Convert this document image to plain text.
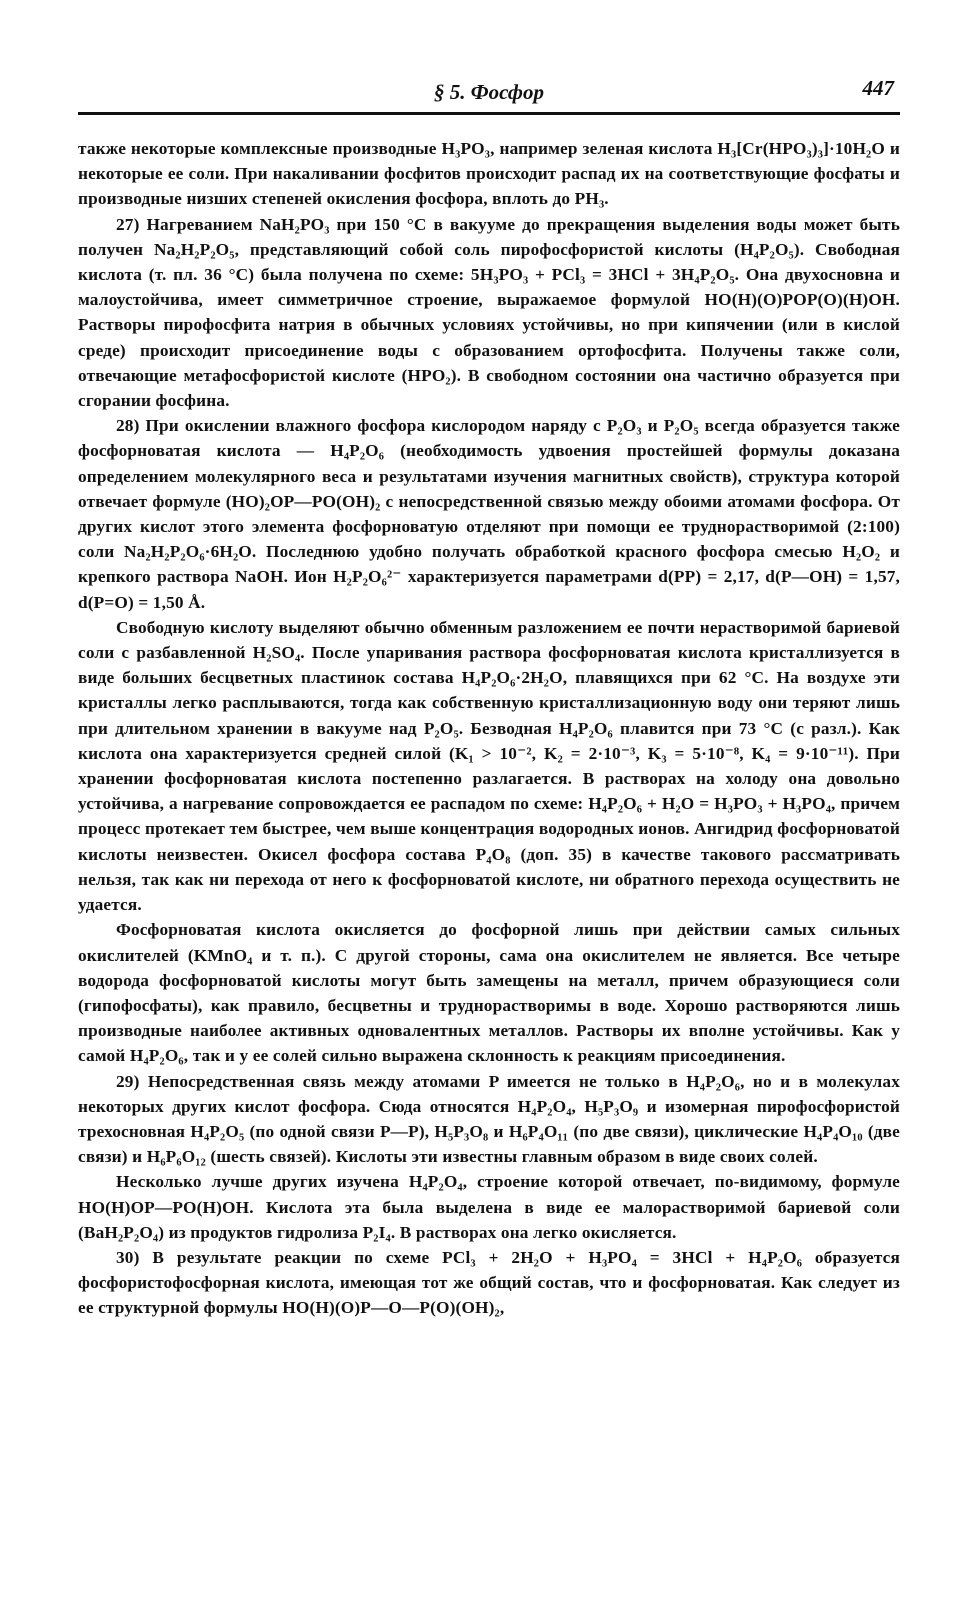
§ 5. Фосфор	447

также некоторые комплексные производные H₃PO₃, например зеленая кислота H₃[Cr(HPO₃)₃]·10H₂O и некоторые ее соли. При накаливании фосфитов происходит распад их на соответствующие фосфаты и производные низших степеней окисления фосфора, вплоть до PH₃.

27) Нагреванием NaH₂PO₃ при 150 °C в вакууме до прекращения выделения воды может быть получен Na₂H₂P₂O₅, представляющий собой соль пирофосфористой кислоты (H₄P₂O₅). Свободная кислота (т. пл. 36 °C) была получена по схеме: 5H₃PO₃ + PCl₃ = 3HCl + 3H₄P₂O₅. Она двухосновна и малоустойчива, имеет симметричное строение, выражаемое формулой HO(H)(O)POP(O)(H)OH. Растворы пирофосфита натрия в обычных условиях устойчивы, но при кипячении (или в кислой среде) происходит присоединение воды с образованием ортофосфита. Получены также соли, отвечающие метафосфористой кислоте (HPO₂). В свободном состоянии она частично образуется при сгорании фосфина.

28) При окислении влажного фосфора кислородом наряду с P₂O₃ и P₂O₅ всегда образуется также фосфорноватая кислота — H₄P₂O₆ (необходимость удвоения простейшей формулы доказана определением молекулярного веса и результатами изучения магнитных свойств), структура которой отвечает формуле (HO)₂OP—PO(OH)₂ с непосредственной связью между обоими атомами фосфора. От других кислот этого элемента фосфорноватую отделяют при помощи ее труднорастворимой (2:100) соли Na₂H₂P₂O₆·6H₂O. Последнюю удобно получать обработкой красного фосфора смесью H₂O₂ и крепкого раствора NaOH. Ион H₂P₂O₆²⁻ характеризуется параметрами d(PP) = 2,17, d(P—OH) = 1,57, d(P=O) = 1,50 Å.

Свободную кислоту выделяют обычно обменным разложением ее почти нерастворимой бариевой соли с разбавленной H₂SO₄. После упаривания раствора фосфорноватая кислота кристаллизуется в виде больших бесцветных пластинок состава H₄P₂O₆·2H₂O, плавящихся при 62 °C. На воздухе эти кристаллы легко расплываются, тогда как собственную кристаллизационную воду они теряют лишь при длительном хранении в вакууме над P₂O₅. Безводная H₄P₂O₆ плавится при 73 °C (с разл.). Как кислота она характеризуется средней силой (K₁ > 10⁻², K₂ = 2·10⁻³, K₃ = 5·10⁻⁸, K₄ = 9·10⁻¹¹). При хранении фосфорноватая кислота постепенно разлагается. В растворах на холоду она довольно устойчива, а нагревание сопровождается ее распадом по схеме: H₄P₂O₆ + H₂O = H₃PO₃ + H₃PO₄, причем процесс протекает тем быстрее, чем выше концентрация водородных ионов. Ангидрид фосфорноватой кислоты неизвестен. Окисел фосфора состава P₄O₈ (доп. 35) в качестве такового рассматривать нельзя, так как ни перехода от него к фосфорноватой кислоте, ни обратного перехода осуществить не удается.

Фосфорноватая кислота окисляется до фосфорной лишь при действии самых сильных окислителей (KMnO₄ и т. п.). С другой стороны, сама она окислителем не является. Все четыре водорода фосфорноватой кислоты могут быть замещены на металл, причем образующиеся соли (гипофосфаты), как правило, бесцветны и труднорастворимы в воде. Хорошо растворяются лишь производные наиболее активных одновалентных металлов. Растворы их вполне устойчивы. Как у самой H₄P₂O₆, так и у ее солей сильно выражена склонность к реакциям присоединения.

29) Непосредственная связь между атомами P имеется не только в H₄P₂O₆, но и в молекулах некоторых других кислот фосфора. Сюда относятся H₄P₂O₄, H₅P₃O₉ и изомерная пирофосфористой трехосновная H₄P₂O₅ (по одной связи P—P), H₅P₃O₈ и H₆P₄O₁₁ (по две связи), циклические H₄P₄O₁₀ (две связи) и H₆P₆O₁₂ (шесть связей). Кислоты эти известны главным образом в виде своих солей.

Несколько лучше других изучена H₄P₂O₄, строение которой отвечает, по-видимому, формуле HO(H)OP—PO(H)OH. Кислота эта была выделена в виде ее малорастворимой бариевой соли (BaH₂P₂O₄) из продуктов гидролиза P₂I₄. В растворах она легко окисляется.

30) В результате реакции по схеме PCl₃ + 2H₂O + H₃PO₄ = 3HCl + H₄P₂O₆ образуется фосфористофосфорная кислота, имеющая тот же общий состав, что и фосфорноватая. Как следует из ее структурной формулы HO(H)(O)P—O—P(O)(OH)₂,
